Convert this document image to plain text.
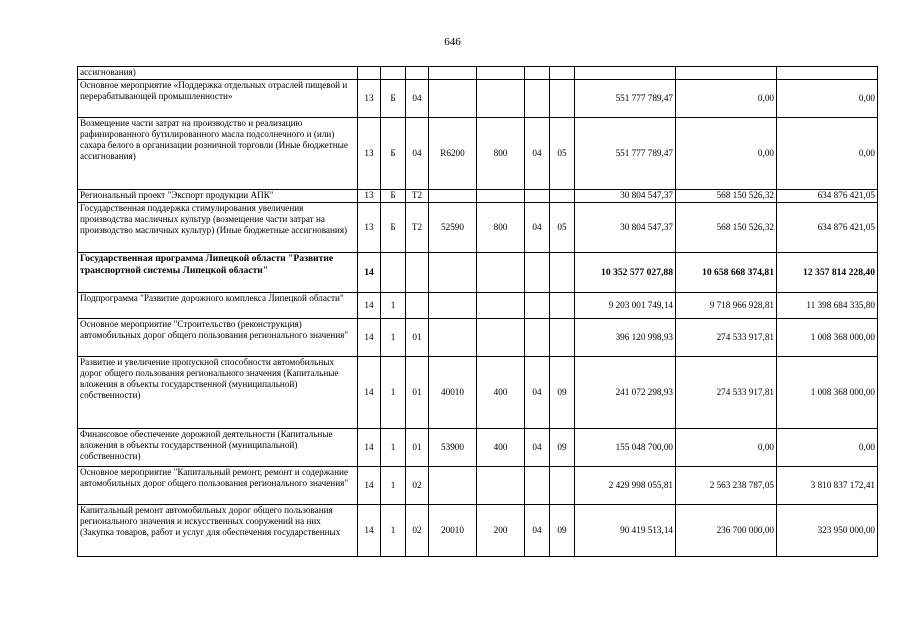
646
ассигнования)										
Основное мероприятие «Поддержка отдельных отраслей пищевой и перерабатывающей промышленности»	13	Б	04					551 777 789,47	0,00	0,00
Возмещение части затрат на производство и реализацию рафинированного бутилированного масла подсолнечного и (или) сахара белого в организации розничной торговли (Иные бюджетные ассигнования)	13	Б	04	R6200	800	04	05	551 777 789,47	0,00	0,00
Региональный проект "Экспорт продукции АПК"	13	Б	T2					30 804 547,37	568 150 526,32	634 876 421,05
Государственная поддержка стимулирования увеличения производства масличных культур (возмещение части затрат на производство масличных культур) (Иные бюджетные ассигнования)	13	Б	T2	52590	800	04	05	30 804 547,37	568 150 526,32	634 876 421,05
Государственная программа Липецкой области "Развитие транспортной системы Липецкой области"	14							10 352 577 027,88	10 658 668 374,81	12 357 814 228,40
Подпрограмма "Развитие дорожного комплекса Липецкой области"	14	1						9 203 001 749,14	9 718 966 928,81	11 398 684 335,80
Основное мероприятие "Строительство (реконструкция) автомобильных дорог общего пользования регионального значения"	14	1	01					396 120 998,93	274 533 917,81	1 008 368 000,00
Развитие и увеличение пропускной способности автомобильных дорог общего пользования регионального значения (Капитальные вложения в объекты государственной (муниципальной) собственности)	14	1	01	40010	400	04	09	241 072 298,93	274 533 917,81	1 008 368 000,00
Финансовое обеспечение дорожной деятельности (Капитальные вложения в объекты государственной (муниципальной) собственности)	14	1	01	53900	400	04	09	155 048 700,00	0,00	0,00
Основное мероприятие "Капитальный ремонт, ремонт и содержание автомобильных дорог общего пользования регионального значения"	14	1	02					2 429 998 055,81	2 563 238 787,05	3 810 837 172,41
Капитальный ремонт автомобильных дорог общего пользования регионального значения и искусственных сооружений на них (Закупка товаров, работ и услуг для обеспечения государственных	14	1	02	20010	200	04	09	90 419 513,14	236 700 000,00	323 950 000,00
